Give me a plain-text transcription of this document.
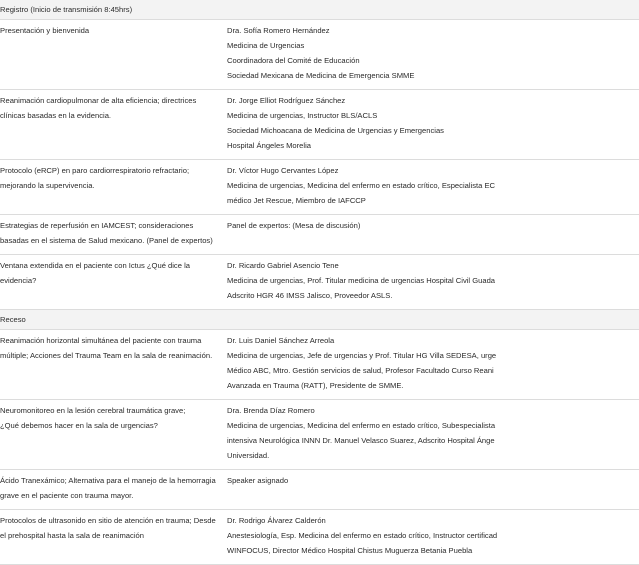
Registro (Inicio de transmisión 8:45hrs)
Presentación y bienvenida	Dra. Sofía Romero Hernández
Medicina de Urgencias
Coordinadora del Comité de Educación
Sociedad Mexicana de Medicina de Emergencia SMME
Reanimación cardiopulmonar de alta eficiencia; directrices
clínicas basadas en la evidencia.
Dr. Jorge Elliot Rodríguez Sánchez
Medicina de urgencias, Instructor BLS/ACLS
Sociedad Michoacana de Medicina de Urgencias y Emergencias
Hospital Ángeles Morelia
Protocolo (eRCP) en paro cardiorrespiratorio refractario;
mejorando la supervivencia.
Dr. Víctor Hugo Cervantes López
Medicina de urgencias, Medicina del enfermo en estado crítico, Especialista EC
médico Jet Rescue, Miembro de IAFCCP
Estrategias de reperfusión en IAMCEST; consideraciones
basadas en el sistema de Salud mexicano. (Panel de expertos)
Panel de expertos: (Mesa de discusión)
Ventana extendida en el paciente con Ictus ¿Qué dice la
evidencia?
Dr. Ricardo Gabriel Asencio Tene
Medicina de urgencias, Prof. Titular medicina de urgencias Hospital Civil Guada
Adscrito HGR 46 IMSS Jalisco, Proveedor ASLS.
Receso
Reanimación horizontal simultánea del paciente con trauma
múltiple; Acciones del Trauma Team en la sala de reanimación.
Dr. Luis Daniel Sánchez Arreola
Medicina de urgencias, Jefe de urgencias y Prof. Titular HG Villa SEDESA, urge
Médico ABC, Mtro. Gestión servicios de salud, Profesor Facultado Curso Reani
Avanzada en Trauma (RATT), Presidente de SMME.
Neuromonitoreo en la lesión cerebral traumática grave;
¿Qué debemos hacer en la sala de urgencias?
Dra. Brenda Díaz Romero
Medicina de urgencias, Medicina del enfermo en estado crítico, Subespecialista
intensiva Neurológica INNN Dr. Manuel Velasco Suarez, Adscrito Hospital Ánge
Universidad.
Ácido Tranexámico; Alternativa para el manejo de la hemorragia
grave en el paciente con trauma mayor.
Speaker asignado
Protocolos de ultrasonido en sitio de atención en trauma; Desde
el prehospital hasta la sala de reanimación
Dr. Rodrigo Álvarez Calderón
Anestesiología, Esp. Medicina del enfermo en estado crítico, Instructor certificad
WINFOCUS, Director Médico Hospital Chistus Muguerza Betania Puebla
